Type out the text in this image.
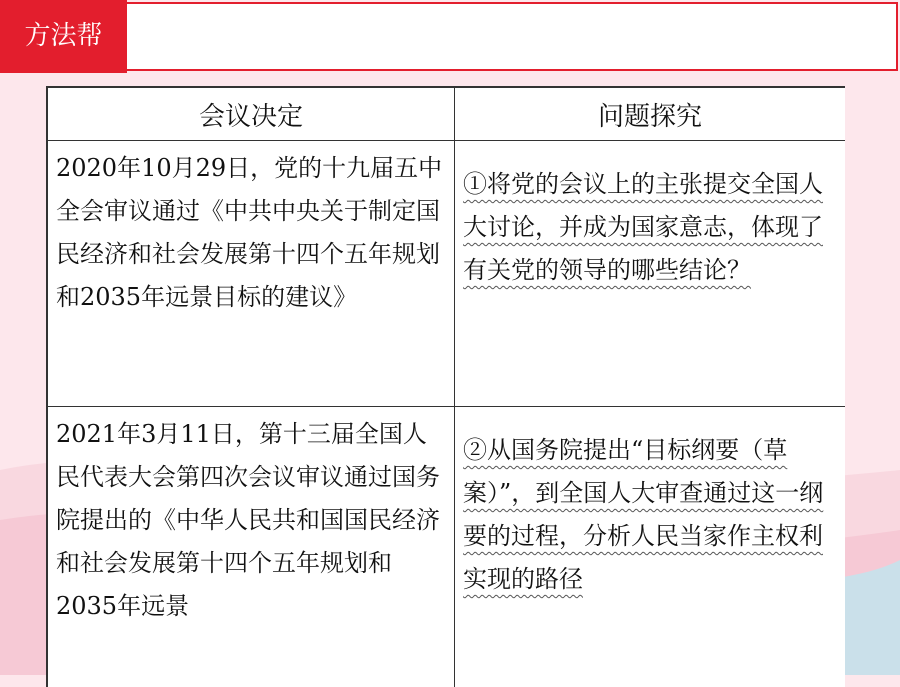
方法帮
会议决定	问题探究

2020年10月29日，党的十九届五中全会审议通过《中共中央关于制定国民经济和社会发展第十四个五年规划和2035年远景目标的建议》	①将党的会议上的主张提交全国人大讨论，并成为国家意志，体现了有关党的领导的哪些结论？

2021年3月11日，第十三届全国人民代表大会第四次会议审议通过国务院提出的《中华人民共和国国民经济和社会发展第十四个五年规划和2035年远景	②从国务院提出“目标纲要（草案）”，到全国人大审查通过这一纲要的过程，分析人民当家作主权利实现的路径
